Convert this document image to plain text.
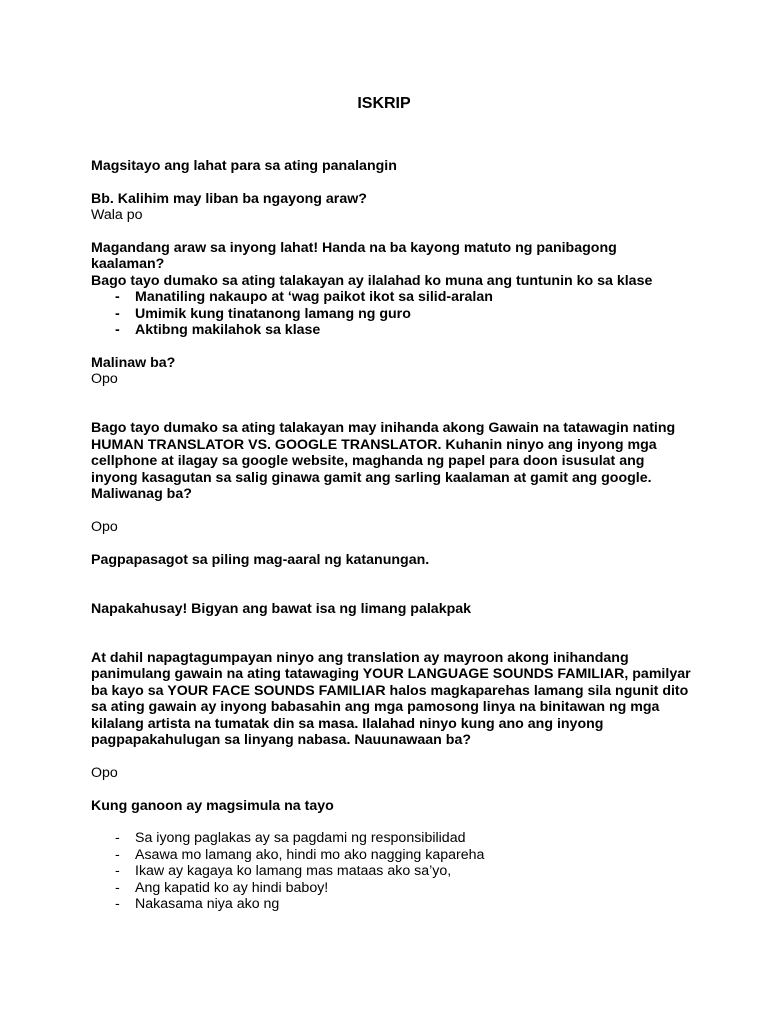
ISKRIP

Magsitayo ang lahat para sa ating panalangin

Bb. Kalihim may liban ba ngayong araw?

Wala po

Magandang araw sa inyong lahat! Handa na ba kayong matuto ng panibagong kaalaman?

Bago tayo dumako sa ating talakayan ay ilalahad ko muna ang tuntunin ko sa klase

- Manatiling nakaupo at ‘wag paikot ikot sa silid-aralan
- Umimik kung tinatanong lamang ng guro
- Aktibng makilahok sa klase

Malinaw ba?

Opo

Bago tayo dumako sa ating talakayan may inihanda akong Gawain na tatawagin nating

HUMAN TRANSLATOR VS. GOOGLE TRANSLATOR. Kuhanin ninyo ang inyong mga

cellphone at ilagay sa google website, maghanda ng papel para doon isusulat ang

inyong kasagutan sa salig ginawa gamit ang sarling kaalaman at gamit ang google.

Maliwanag ba?

Opo

Pagpapasagot sa piling mag-aaral ng katanungan.

Napakahusay! Bigyan ang bawat isa ng limang palakpak

At dahil napagtagumpayan ninyo ang translation ay mayroon akong inihandang

panimulang gawain na ating tatawaging YOUR LANGUAGE SOUNDS FAMILIAR, pamilyar

ba kayo sa YOUR FACE SOUNDS FAMILIAR halos magkaparehas lamang sila ngunit dito

sa ating gawain ay inyong babasahin ang mga pamosong linya na binitawan ng mga

kilalang artista na tumatak din sa masa. Ilalahad ninyo kung ano ang inyong

pagpapakahulugan sa linyang nabasa. Nauunawaan ba?

Opo

Kung ganoon ay magsimula na tayo

- Sa iyong paglakas ay sa pagdami ng responsibilidad
- Asawa mo lamang ako, hindi mo ako nagging kapareha
- Ikaw ay kagaya ko lamang mas mataas ako sa’yo,
- Ang kapatid ko ay hindi baboy!
- Nakasama niya ako ng
